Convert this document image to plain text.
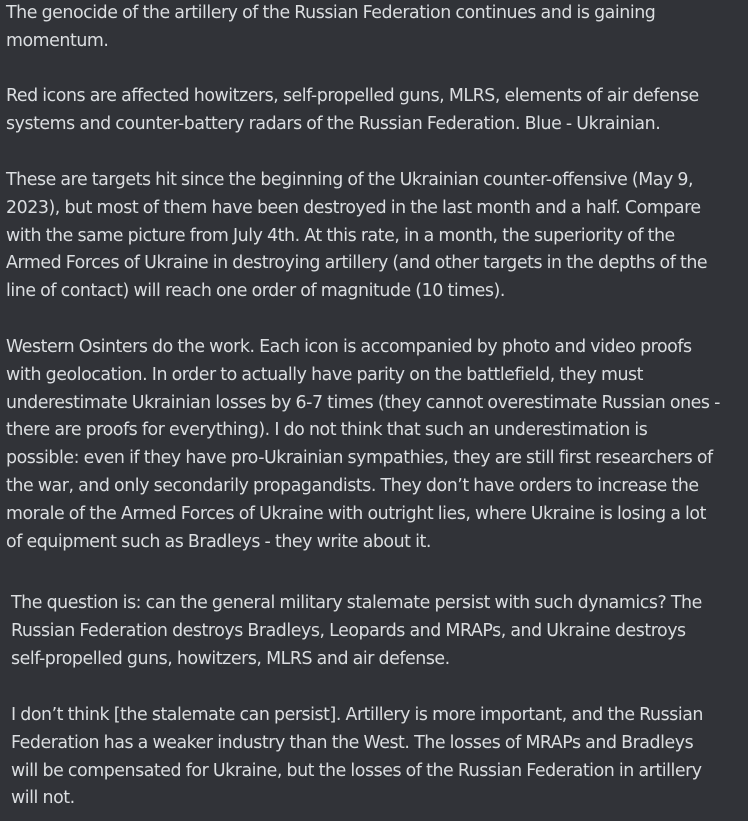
The genocide of the artillery of the Russian Federation continues and is gaining
momentum.

Red icons are affected howitzers, self-propelled guns, MLRS, elements of air defense
systems and counter-battery radars of the Russian Federation. Blue - Ukrainian.

These are targets hit since the beginning of the Ukrainian counter-offensive (May 9,
2023), but most of them have been destroyed in the last month and a half. Compare
with the same picture from July 4th. At this rate, in a month, the superiority of the
Armed Forces of Ukraine in destroying artillery (and other targets in the depths of the
line of contact) will reach one order of magnitude (10 times).

Western Osinters do the work. Each icon is accompanied by photo and video proofs
with geolocation. In order to actually have parity on the battlefield, they must
underestimate Ukrainian losses by 6-7 times (they cannot overestimate Russian ones -
there are proofs for everything). I do not think that such an underestimation is
possible: even if they have pro-Ukrainian sympathies, they are still first researchers of
the war, and only secondarily propagandists. They don’t have orders to increase the
morale of the Armed Forces of Ukraine with outright lies, where Ukraine is losing a lot
of equipment such as Bradleys - they write about it.

The question is: can the general military stalemate persist with such dynamics? The
Russian Federation destroys Bradleys, Leopards and MRAPs, and Ukraine destroys
self-propelled guns, howitzers, MLRS and air defense.

I don’t think [the stalemate can persist]. Artillery is more important, and the Russian
Federation has a weaker industry than the West. The losses of MRAPs and Bradleys
will be compensated for Ukraine, but the losses of the Russian Federation in artillery
will not.
